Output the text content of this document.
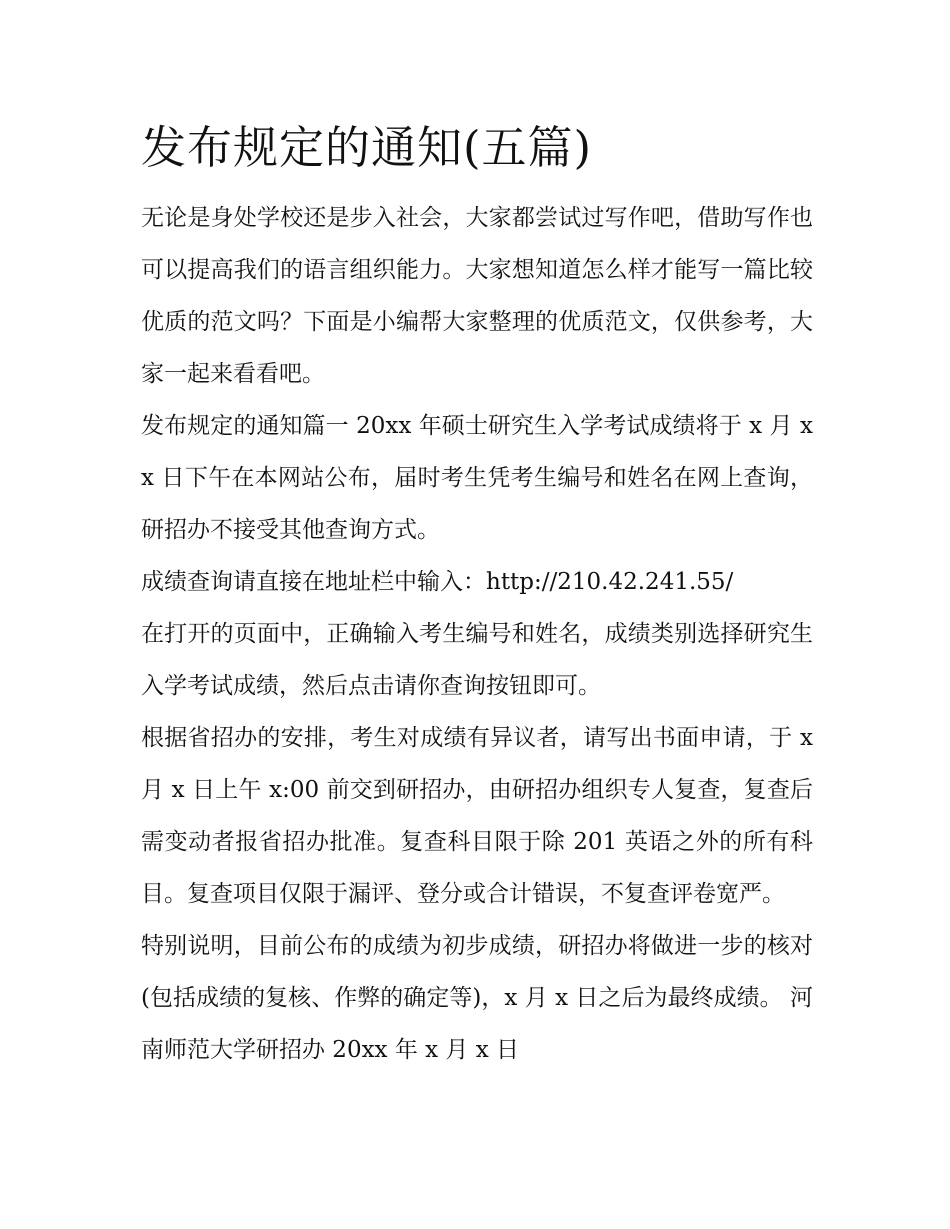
发布规定的通知(五篇)

无论是身处学校还是步入社会，大家都尝试过写作吧，借助写作也可以提高我们的语言组织能力。大家想知道怎么样才能写一篇比较优质的范文吗？下面是小编帮大家整理的优质范文，仅供参考，大家一起来看看吧。

发布规定的通知篇一 20xx 年硕士研究生入学考试成绩将于 x 月 xx 日下午在本网站公布，届时考生凭考生编号和姓名在网上查询，研招办不接受其他查询方式。

成绩查询请直接在地址栏中输入：http://210.42.241.55/

在打开的页面中，正确输入考生编号和姓名，成绩类别选择研究生入学考试成绩，然后点击请你查询按钮即可。

根据省招办的安排，考生对成绩有异议者，请写出书面申请，于 x 月 x 日上午 x:00 前交到研招办，由研招办组织专人复查，复查后需变动者报省招办批准。复查科目限于除 201 英语之外的所有科目。复查项目仅限于漏评、登分或合计错误，不复查评卷宽严。

特别说明，目前公布的成绩为初步成绩，研招办将做进一步的核对(包括成绩的复核、作弊的确定等)，x 月 x 日之后为最终成绩。 河南师范大学研招办 20xx 年 x 月 x 日
